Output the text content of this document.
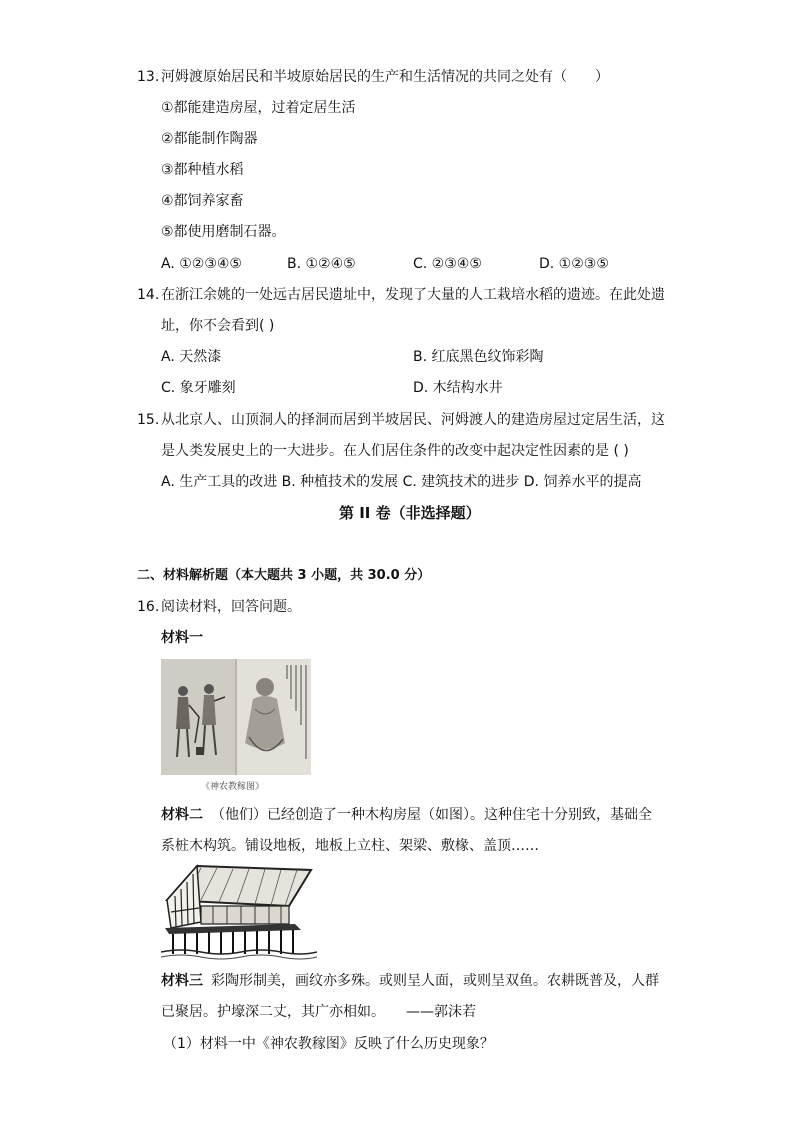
13. 河姆渡原始居民和半坡原始居民的生产和生活情况的共同之处有（　　）
①都能建造房屋，过着定居生活
②都能制作陶器
③都种植水稻
④都饲养家畜
⑤都使用磨制石器。
A. ①②③④⑤	B. ①②④⑤	C. ②③④⑤	D. ①②③⑤
14. 在浙江余姚的一处远古居民遗址中，发现了大量的人工栽培水稻的遗迹。在此处遗
址，你不会看到( )
A. 天然漆	B. 红底黑色纹饰彩陶
C. 象牙雕刻	D. 木结构水井
15. 从北京人、山顶洞人的择洞而居到半坡居民、河姆渡人的建造房屋过定居生活，这
是人类发展史上的一大进步。在人们居住条件的改变中起决定性因素的是 ( )
A. 生产工具的改进 B. 种植技术的发展 C. 建筑技术的进步 D. 饲养水平的提高
第 II 卷（非选择题）
二、材料解析题（本大题共 3 小题，共 30.0 分）
16. 阅读材料，回答问题。
材料一
《神农教稼图》
材料二 （他们）已经创造了一种木构房屋（如图）。这种住宅十分别致，基础全
系桩木构筑。铺设地板，地板上立柱、架梁、敷椽、盖顶……
材料三 彩陶形制美，画纹亦多殊。或则呈人面，或则呈双鱼。农耕既普及，人群
已聚居。护壕深二丈，其广亦相如。　　——郭沫若
（1）材料一中《神农教稼图》反映了什么历史现象？
